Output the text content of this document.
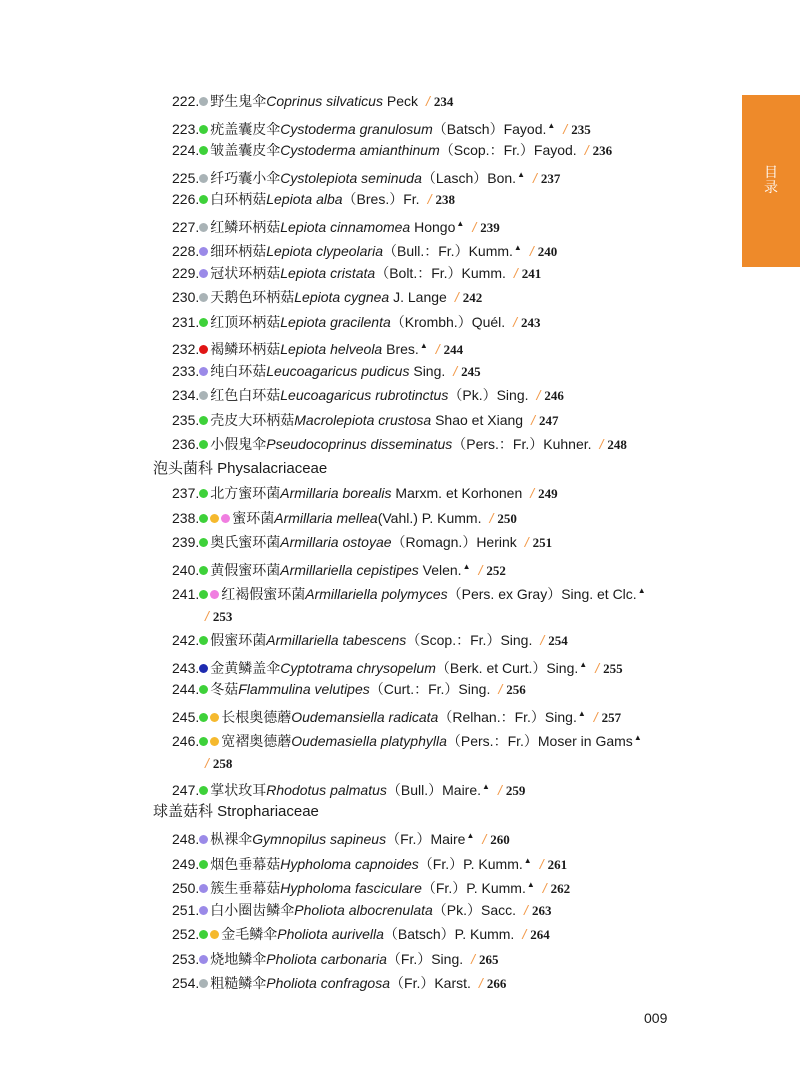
目
录
222. 野生鬼伞Coprinus silvaticus Peck / 234
223. 疣盖囊皮伞Cystoderma granulosum（Batsch）Fayod.▲ / 235
224. 皱盖囊皮伞Cystoderma amianthinum（Scop.：Fr.）Fayod. / 236
225. 纤巧囊小伞Cystolepiota seminuda（Lasch）Bon.▲ / 237
226. 白环柄菇Lepiota alba（Bres.）Fr. / 238
227. 红鳞环柄菇Lepiota cinnamomea Hongo▲ / 239
228. 细环柄菇Lepiota clypeolaria（Bull.：Fr.）Kumm.▲ / 240
229. 冠状环柄菇Lepiota cristata（Bolt.：Fr.）Kumm. / 241
230. 天鹅色环柄菇Lepiota cygnea J. Lange / 242
231. 红顶环柄菇Lepiota gracilenta（Krombh.）Quél. / 243
232. 褐鳞环柄菇Lepiota helveola Bres.▲ / 244
233. 纯白环菇Leucoagaricus pudicus Sing. / 245
234. 红色白环菇Leucoagaricus rubrotinctus（Pk.）Sing. / 246
235. 壳皮大环柄菇Macrolepiota crustosa Shao et Xiang / 247
236. 小假鬼伞Pseudocoprinus disseminatus（Pers.：Fr.）Kuhner. / 248
泡头菌科 Physalacriaceae
237. 北方蜜环菌Armillaria borealis Marxm. et Korhonen / 249
238. 蜜环菌Armillaria mellea(Vahl.) P. Kumm. / 250
239. 奥氏蜜环菌Armillaria ostoyae（Romagn.）Herink / 251
240. 黄假蜜环菌Armillariella cepistipes Velen.▲ / 252
241. 红褐假蜜环菌Armillariella polymyces（Pers. ex Gray）Sing. et Clc.▲
/ 253
242. 假蜜环菌Armillariella tabescens（Scop.：Fr.）Sing. / 254
243. 金黄鳞盖伞Cyptotrama chrysopelum（Berk. et Curt.）Sing.▲ / 255
244. 冬菇Flammulina velutipes（Curt.：Fr.）Sing. / 256
245. 长根奥德蘑Oudemansiella radicata（Relhan.：Fr.）Sing.▲ / 257
246. 宽褶奥德蘑Oudemasiella platyphylla（Pers.：Fr.）Moser in Gams▲
/ 258
247. 掌状玫耳Rhodotus palmatus（Bull.）Maire.▲ / 259
球盖菇科 Strophariaceae
248. 枞裸伞Gymnopilus sapineus（Fr.）Maire▲ / 260
249. 烟色垂幕菇Hypholoma capnoides（Fr.）P. Kumm.▲ / 261
250. 簇生垂幕菇Hypholoma fasciculare（Fr.）P. Kumm.▲ / 262
251. 白小圈齿鳞伞Pholiota albocrenulata（Pk.）Sacc. / 263
252. 金毛鳞伞Pholiota aurivella（Batsch）P. Kumm. / 264
253. 烧地鳞伞Pholiota carbonaria（Fr.）Sing. / 265
254. 粗糙鳞伞Pholiota confragosa（Fr.）Karst. / 266
009
